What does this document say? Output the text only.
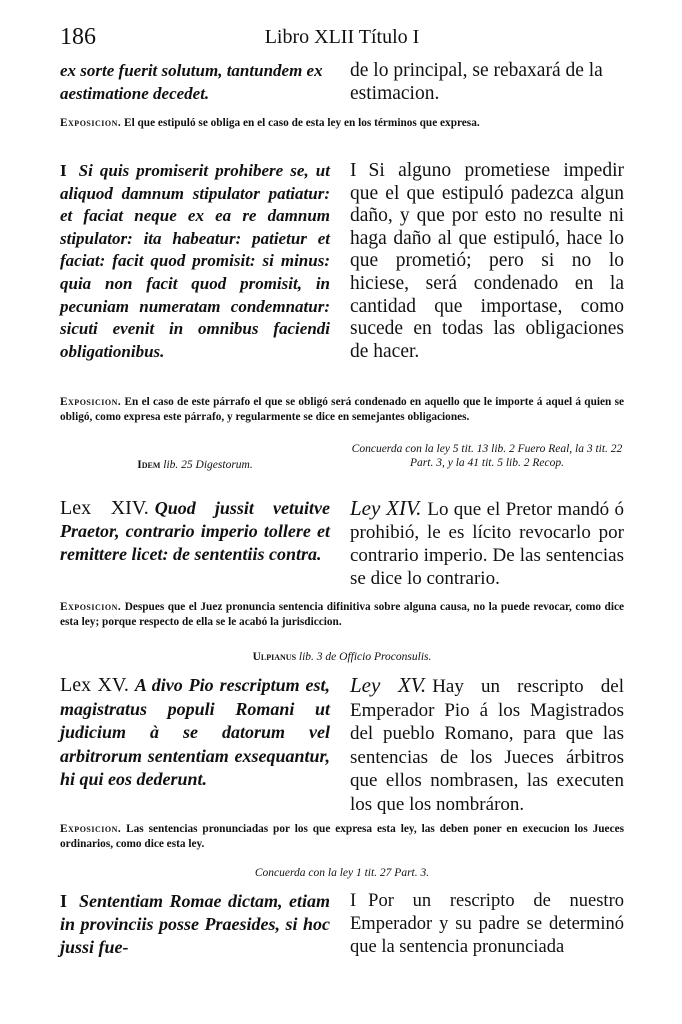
186	Libro XLII Título I
ex sorte fuerit solutum, tantundem ex aestimatione decedet.
de lo principal, se rebaxará de la estimacion.
Exposicion. El que estipuló se obliga en el caso de esta ley en los términos que expresa.
I Si quis promiserit prohibere se, ut aliquod damnum stipulator patiatur: et faciat neque ex ea re damnum stipulator: ita habeatur: patietur et faciat: facit quod promisit: si minus: quia non facit quod promisit, in pecuniam numeratam condemnatur: sicuti evenit in omnibus faciendi obligationibus.
I Si alguno prometiese impedir que el que estipuló padezca algun daño, y que por esto no resulte ni haga daño al que estipuló, hace lo que prometió; pero si no lo hiciese, será condenado en la cantidad que importase, como sucede en todas las obligaciones de hacer.
Exposicion. En el caso de este párrafo el que se obligó será condenado en aquello que le importe á aquel á quien se obligó, como expresa este párrafo, y regularmente se dice en semejantes obligaciones.
Idem lib. 25 Digestorum.
Concuerda con la ley 5 tit. 13 lib. 2 Fuero Real, la 3 tit. 22 Part. 3, y la 41 tit. 5 lib. 2 Recop.
Lex XIV. Quod jussit vetuitve Praetor, contrario imperio tollere et remittere licet: de sententiis contra.
Ley XIV. Lo que el Pretor mandó ó prohibió, le es lícito revocarlo por contrario imperio. De las sentencias se dice lo contrario.
Exposicion. Despues que el Juez pronuncia sentencia difinitiva sobre alguna causa, no la puede revocar, como dice esta ley; porque respecto de ella se le acabó la jurisdiccion.
Ulpianus lib. 3 de Officio Proconsulis.
Lex XV. A divo Pio rescriptum est, magistratus populi Romani ut judicium à se datorum vel arbitrorum sententiam exsequantur, hi qui eos dederunt.
Ley XV. Hay un rescripto del Emperador Pio á los Magistrados del pueblo Romano, para que las sentencias de los Jueces árbitros que ellos nombrasen, las executen los que los nombráron.
Exposicion. Las sentencias pronunciadas por los que expresa esta ley, las deben poner en execucion los Jueces ordinarios, como dice esta ley.
Concuerda con la ley 1 tit. 27 Part. 3.
I Sententiam Romae dictam, etiam in provinciis posse Praesides, si hoc jussi fue-
I Por un rescripto de nuestro Emperador y su padre se determinó que la sentencia pronunciada
